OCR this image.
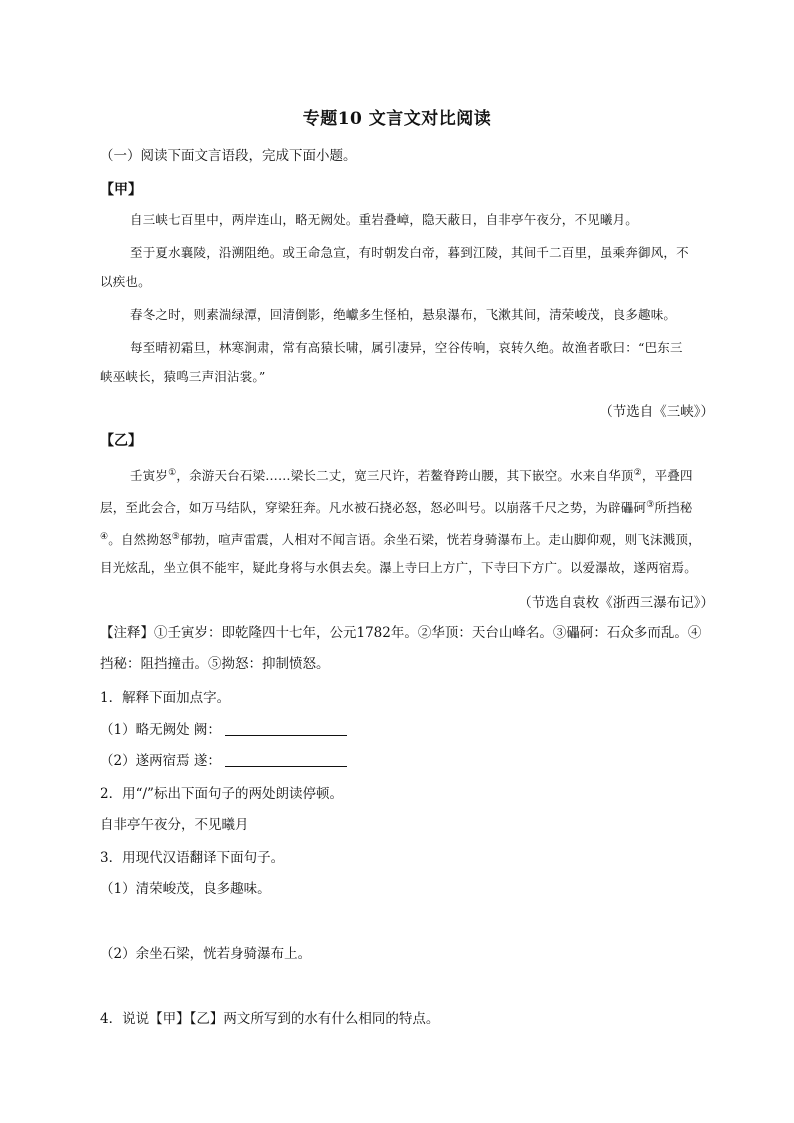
专题10 文言文对比阅读
（一）阅读下面文言语段，完成下面小题。
【甲】
自三峡七百里中，两岸连山，略无阙处。重岩叠嶂，隐天蔽日，自非亭午夜分，不见曦月。
至于夏水襄陵，沿溯阻绝。或王命急宣，有时朝发白帝，暮到江陵，其间千二百里，虽乘奔御风，不
以疾也。
春冬之时，则素湍绿潭，回清倒影，绝巘多生怪柏，悬泉瀑布，飞漱其间，清荣峻茂，良多趣味。
每至晴初霜旦，林寒涧肃，常有高猿长啸，属引凄异，空谷传响，哀转久绝。故渔者歌曰：“巴东三
峡巫峡长，猿鸣三声泪沾裳。”
（节选自《三峡》）
【乙】
壬寅岁①，余游天台石梁……梁长二丈，宽三尺许，若鳌脊跨山腰，其下嵌空。水来自华顶②，平叠四
层，至此会合，如万马结队，穿梁狂奔。凡水被石挠必怒，怒必叫号。以崩落千尺之势，为辟礧砢③所挡秘
④。自然拗怒⑤郁勃，喧声雷震，人相对不闻言语。余坐石梁，恍若身骑瀑布上。走山脚仰观，则飞沫溅顶，
目光炫乱，坐立俱不能牢，疑此身将与水俱去矣。瀑上寺曰上方广，下寺曰下方广。以爱瀑故，遂两宿焉。
（节选自袁枚《浙西三瀑布记》）
【注释】①壬寅岁：即乾隆四十七年，公元1782年。②华顶：天台山峰名。③礧砢：石众多而乱。④
挡秘：阻挡撞击。⑤拗怒：抑制愤怒。
1．解释下面加点字。
（1）略无阙处 阙：
（2）遂两宿焉 遂：
2．用“/”标出下面句子的两处朗读停顿。
自非亭午夜分，不见曦月
3．用现代汉语翻译下面句子。
（1）清荣峻茂，良多趣味。
（2）余坐石梁，恍若身骑瀑布上。
4．说说【甲】【乙】两文所写到的水有什么相同的特点。
